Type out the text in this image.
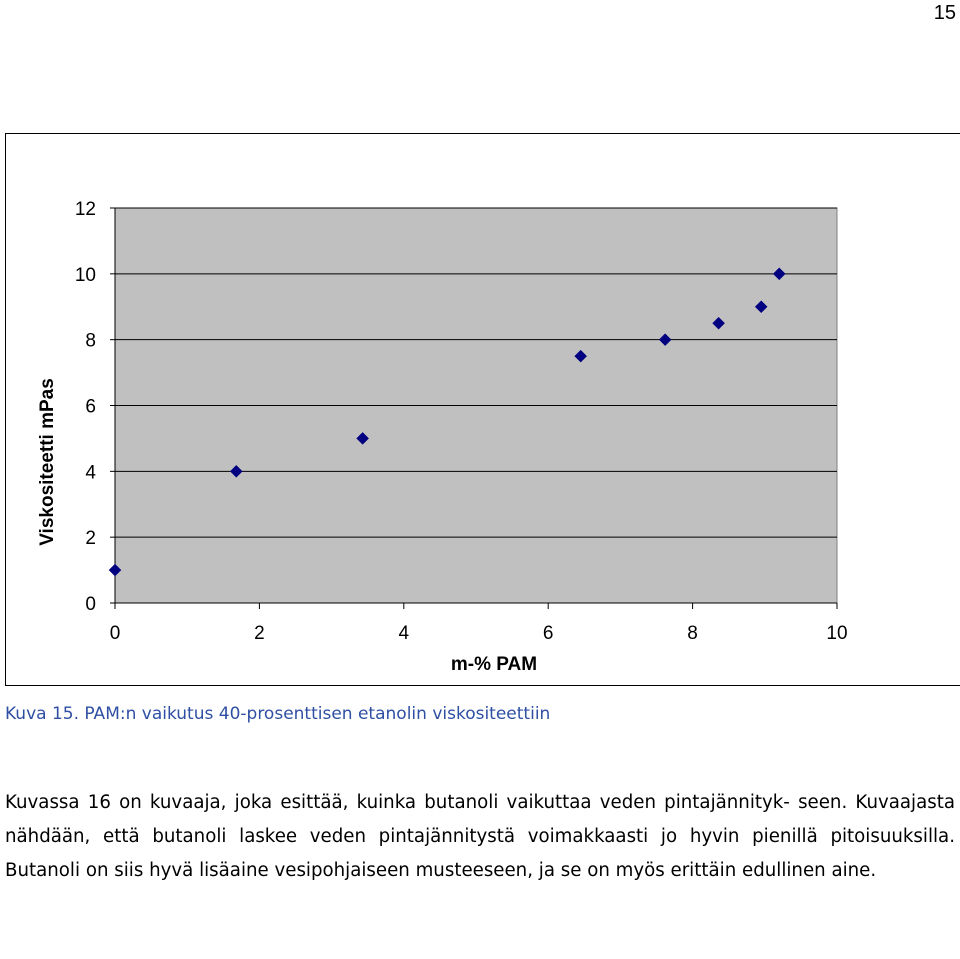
15
0
2
4
6
8
10
12
0	2	4	6	8	10
m-% PAM
Viskositeetti mPas
Kuva 15. PAM:n vaikutus 40-prosenttisen etanolin viskositeettiin

Kuvassa 16 on kuvaaja, joka esittää, kuinka butanoli vaikuttaa veden pintajännityk- seen. Kuvaajasta nähdään, että butanoli laskee veden pintajännitystä voimakkaasti jo hyvin pienillä pitoisuuksilla. Butanoli on siis hyvä lisäaine vesipohjaiseen musteeseen, ja se on myös erittäin edullinen aine.
